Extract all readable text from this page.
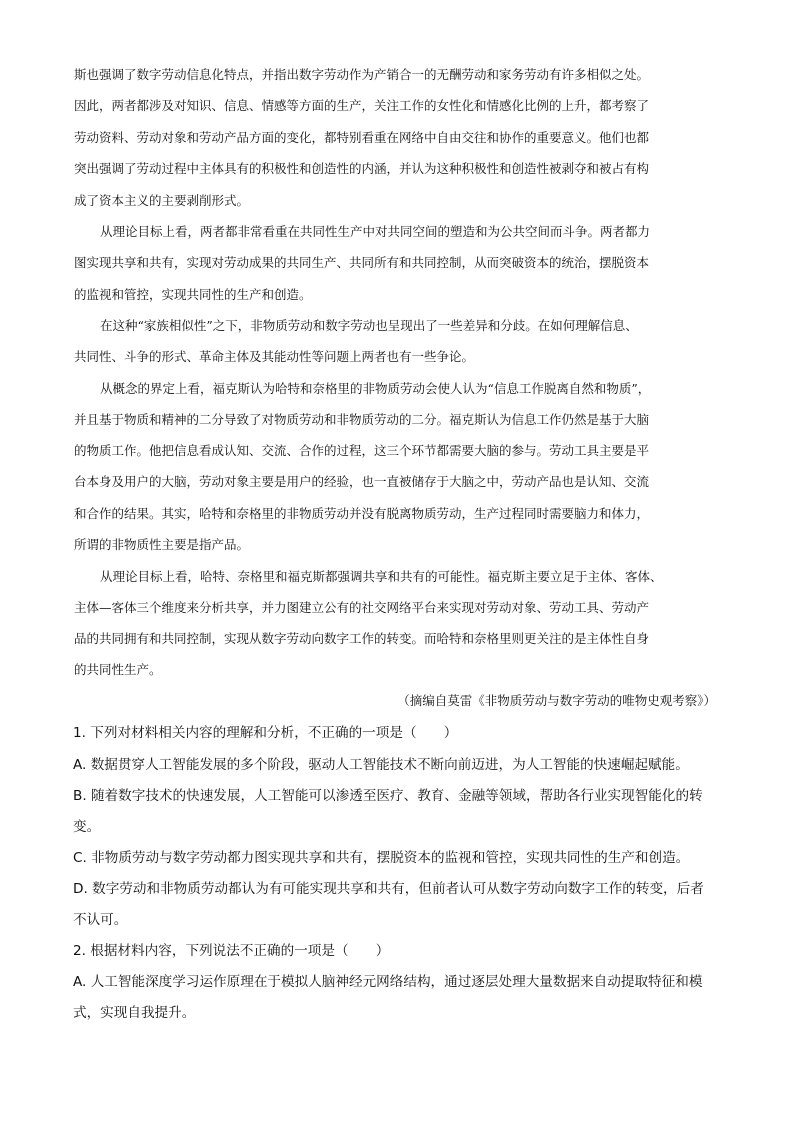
斯也强调了数字劳动信息化特点，并指出数字劳动作为产销合一的无酬劳动和家务劳动有许多相似之处。
因此，两者都涉及对知识、信息、情感等方面的生产，关注工作的女性化和情感化比例的上升，都考察了
劳动资料、劳动对象和劳动产品方面的变化，都特别看重在网络中自由交往和协作的重要意义。他们也都
突出强调了劳动过程中主体具有的积极性和创造性的内涵，并认为这种积极性和创造性被剥夺和被占有构
成了资本主义的主要剥削形式。
从理论目标上看，两者都非常看重在共同性生产中对共同空间的塑造和为公共空间而斗争。两者都力
图实现共享和共有，实现对劳动成果的共同生产、共同所有和共同控制，从而突破资本的统治，摆脱资本
的监视和管控，实现共同性的生产和创造。
在这种“家族相似性”之下，非物质劳动和数字劳动也呈现出了一些差异和分歧。在如何理解信息、
共同性、斗争的形式、革命主体及其能动性等问题上两者也有一些争论。
从概念的界定上看，福克斯认为哈特和奈格里的非物质劳动会使人认为“信息工作脱离自然和物质”，
并且基于物质和精神的二分导致了对物质劳动和非物质劳动的二分。福克斯认为信息工作仍然是基于大脑
的物质工作。他把信息看成认知、交流、合作的过程，这三个环节都需要大脑的参与。劳动工具主要是平
台本身及用户的大脑，劳动对象主要是用户的经验，也一直被储存于大脑之中，劳动产品也是认知、交流
和合作的结果。其实，哈特和奈格里的非物质劳动并没有脱离物质劳动，生产过程同时需要脑力和体力，
所谓的非物质性主要是指产品。
从理论目标上看，哈特、奈格里和福克斯都强调共享和共有的可能性。福克斯主要立足于主体、客体、
主体—客体三个维度来分析共享，并力图建立公有的社交网络平台来实现对劳动对象、劳动工具、劳动产
品的共同拥有和共同控制，实现从数字劳动向数字工作的转变。而哈特和奈格里则更关注的是主体性自身
的共同性生产。
（摘编自莫雷《非物质劳动与数字劳动的唯物史观考察》）
1. 下列对材料相关内容的理解和分析，不正确的一项是（　　）
A. 数据贯穿人工智能发展的多个阶段，驱动人工智能技术不断向前迈进，为人工智能的快速崛起赋能。
B. 随着数字技术的快速发展，人工智能可以渗透至医疗、教育、金融等领域，帮助各行业实现智能化的转
变。
C. 非物质劳动与数字劳动都力图实现共享和共有，摆脱资本的监视和管控，实现共同性的生产和创造。
D. 数字劳动和非物质劳动都认为有可能实现共享和共有，但前者认可从数字劳动向数字工作的转变，后者
不认可。
2. 根据材料内容，下列说法不正确的一项是（　　）
A. 人工智能深度学习运作原理在于模拟人脑神经元网络结构，通过逐层处理大量数据来自动提取特征和模
式，实现自我提升。
